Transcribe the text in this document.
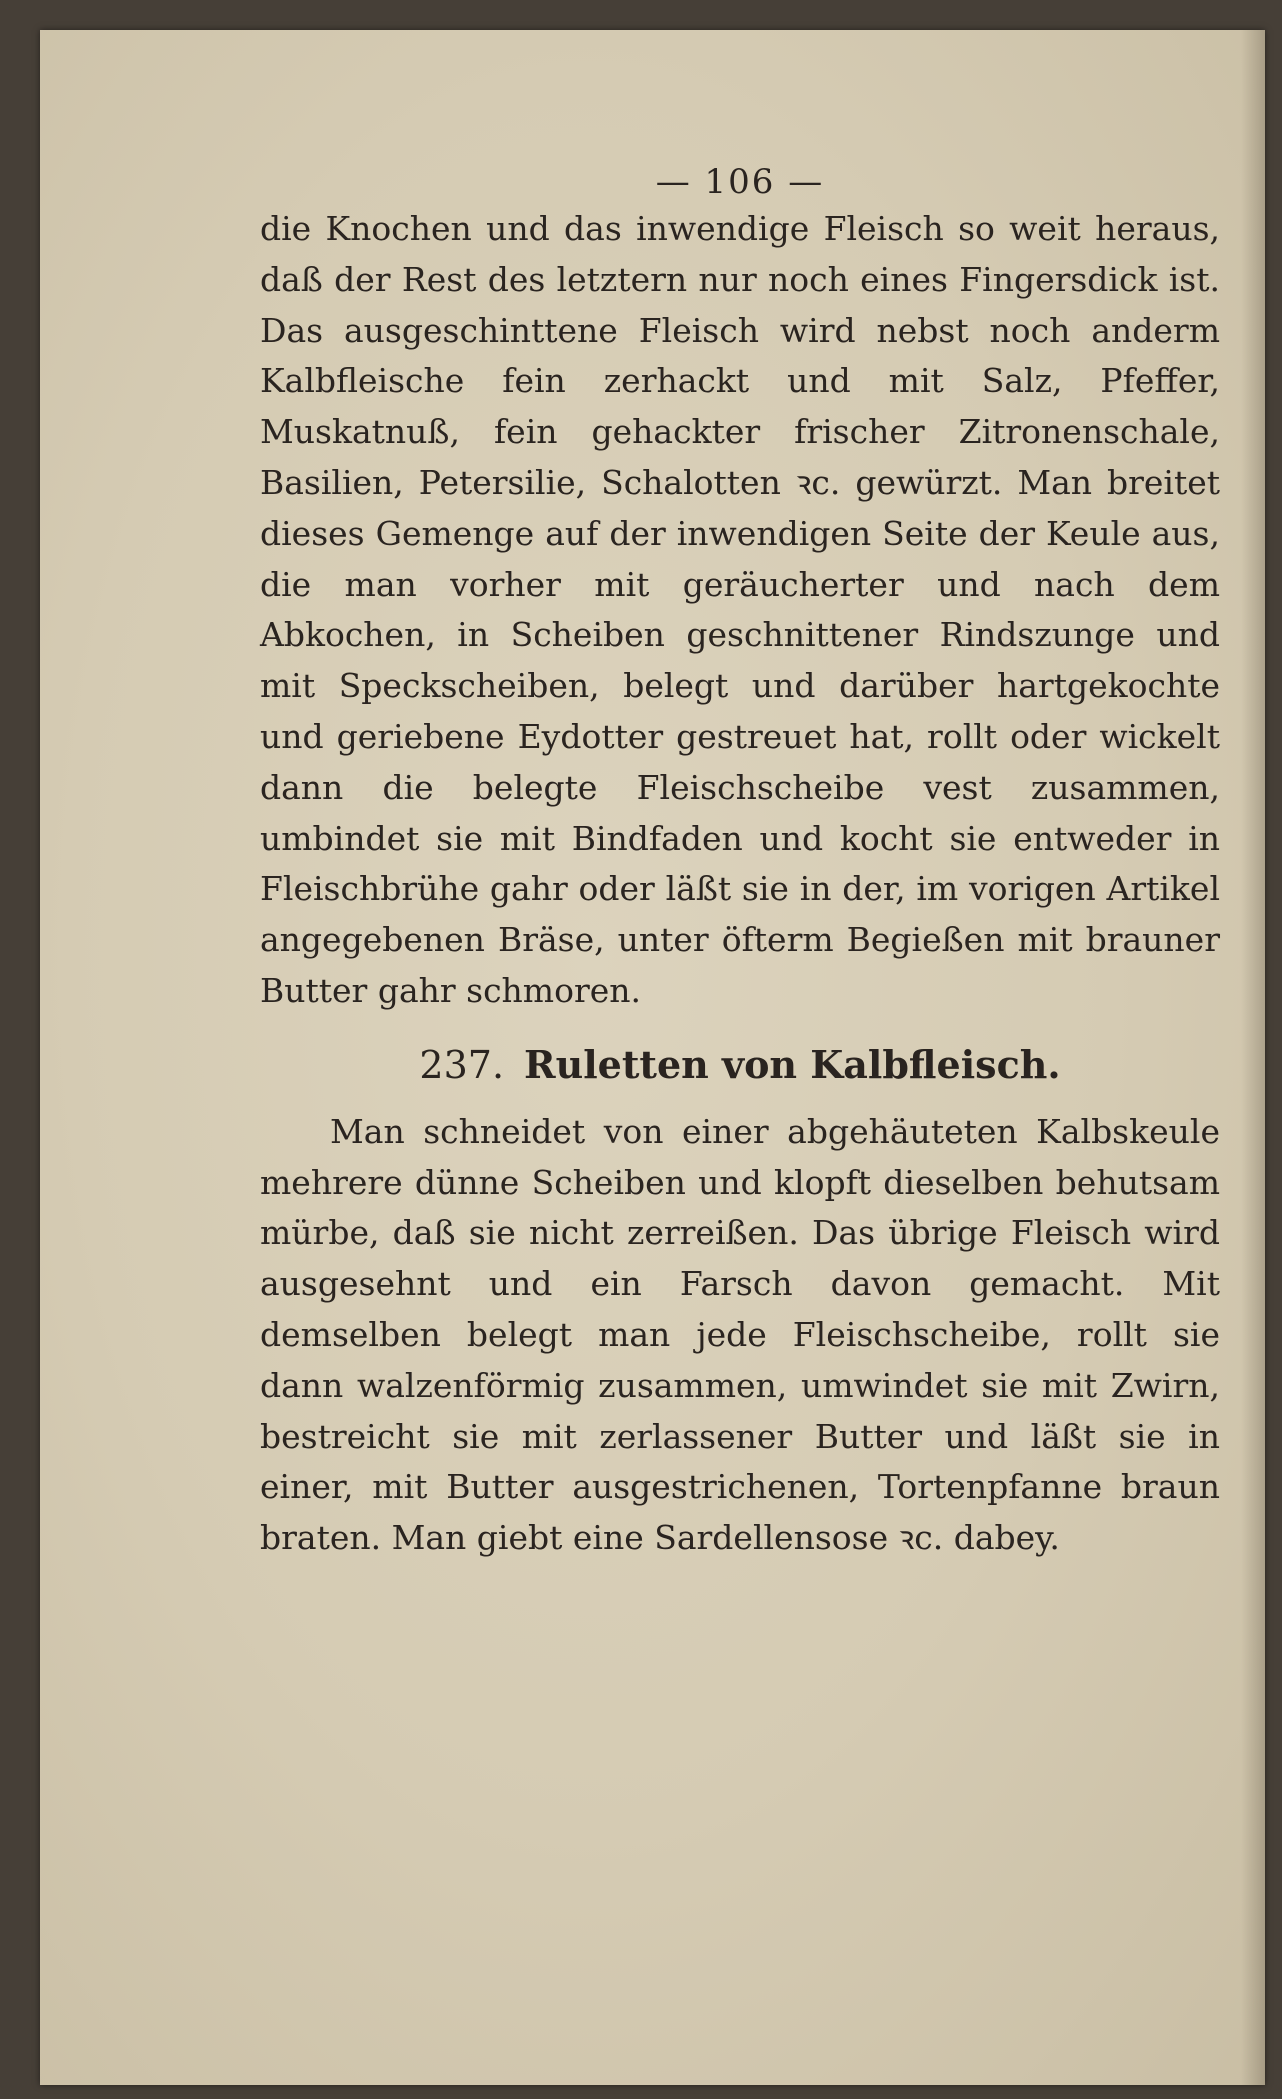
— 106 —

die Knochen und das inwendige Fleisch so weit heraus, daß der Rest des letztern nur noch eines Fingersdick ist. Das ausgeschinttene Fleisch wird nebst noch anderm Kalbfleische fein zerhackt und mit Salz, Pfeffer, Muskatnuß, fein gehackter frischer Zitronenschale, Basilien, Petersilie, Schalotten ꝛc. gewürzt. Man breitet dieses Gemenge auf der inwendigen Seite der Keule aus, die man vorher mit geräucherter und nach dem Abkochen, in Scheiben geschnittener Rindszunge und mit Speckscheiben, belegt und darüber hartgekochte und geriebene Eydotter gestreuet hat, rollt oder wickelt dann die belegte Fleischscheibe vest zusammen, umbindet sie mit Bindfaden und kocht sie entweder in Fleischbrühe gahr oder läßt sie in der, im vorigen Artikel angegebenen Bräse, unter öfterm Begießen mit brauner Butter gahr schmoren.

237. Ruletten von Kalbfleisch.

Man schneidet von einer abgehäuteten Kalbskeule mehrere dünne Scheiben und klopft dieselben behutsam mürbe, daß sie nicht zerreißen. Das übrige Fleisch wird ausgesehnt und ein Farsch davon gemacht. Mit demselben belegt man jede Fleischscheibe, rollt sie dann walzenförmig zusammen, umwindet sie mit Zwirn, bestreicht sie mit zerlassener Butter und läßt sie in einer, mit Butter ausgestrichenen, Tortenpfanne braun braten. Man giebt eine Sardellensose ꝛc. dabey.
